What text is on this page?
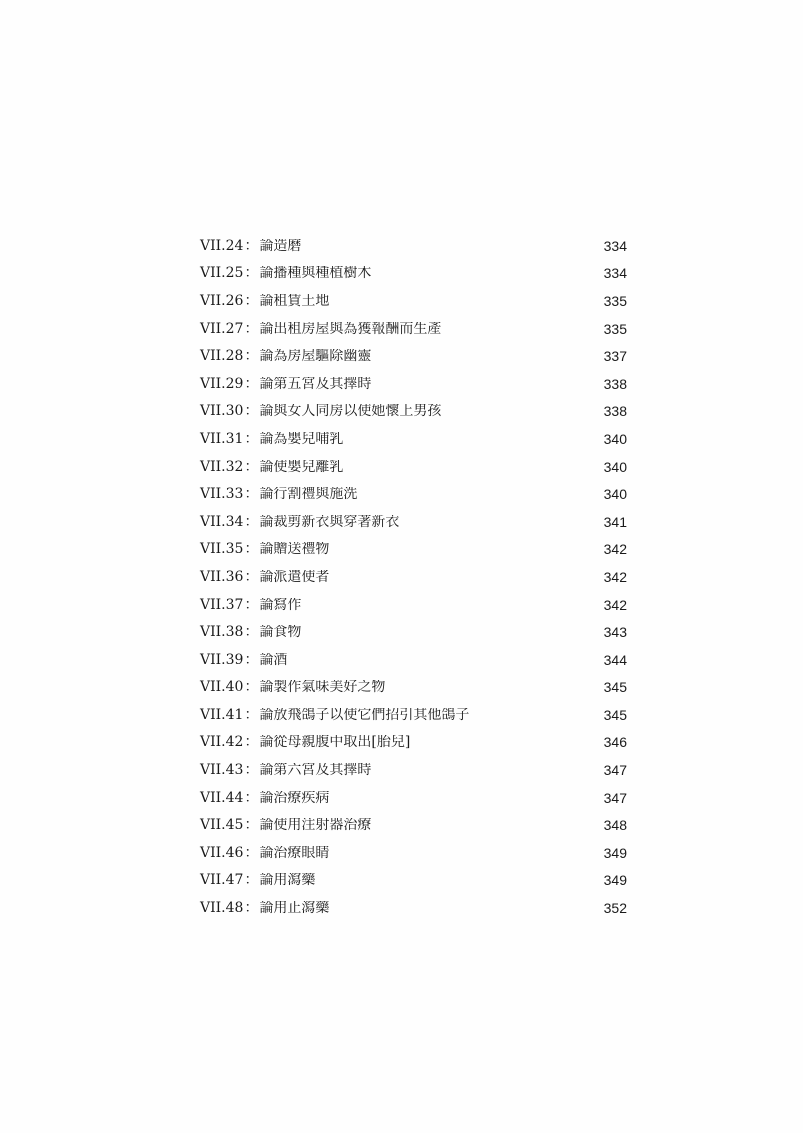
VII.24 ： 論造磨	334
VII.25 ： 論播種與種植樹木	334
VII.26 ： 論租賃土地	335
VII.27 ： 論出租房屋與為獲報酬而生產	335
VII.28 ： 論為房屋驅除幽靈	337
VII.29 ： 論第五宮及其擇時	338
VII.30 ： 論與女人同房以使她懷上男孩	338
VII.31 ： 論為嬰兒哺乳	340
VII.32 ： 論使嬰兒離乳	340
VII.33 ： 論行割禮與施洗	340
VII.34 ： 論裁剪新衣與穿著新衣	341
VII.35 ： 論贈送禮物	342
VII.36 ： 論派遣使者	342
VII.37 ： 論寫作	342
VII.38 ： 論食物	343
VII.39 ： 論酒	344
VII.40 ： 論製作氣味美好之物	345
VII.41 ： 論放飛鴿子以使它們招引其他鴿子	345
VII.42 ： 論從母親腹中取出[胎兒]	346
VII.43 ： 論第六宮及其擇時	347
VII.44 ： 論治療疾病	347
VII.45 ： 論使用注射器治療	348
VII.46 ： 論治療眼睛	349
VII.47 ： 論用瀉藥	349
VII.48 ： 論用止瀉藥	352
